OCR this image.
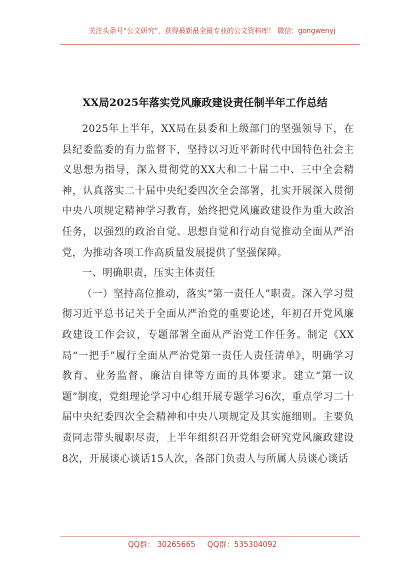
关注头条号“公文研究”，获得最新最全最专业的公文资料库！ 微信：gongwenyj
XX局2025年落实党风廉政建设责任制半年工作总结

2025年上半年，XX局在县委和上级部门的坚强领导下，在县纪委监委的有力监督下，坚持以习近平新时代中国特色社会主义思想为指导，深入贯彻党的XX大和二十届二中、三中全会精神，认真落实二十届中央纪委四次全会部署，扎实开展深入贯彻中央八项规定精神学习教育，始终把党风廉政建设作为重大政治任务，以强烈的政治自觉、思想自觉和行动自觉推动全面从严治党，为推动各项工作高质量发展提供了坚强保障。

一、明确职责，压实主体责任

（一）坚持高位推动，落实“第一责任人”职责。深入学习贯彻习近平总书记关于全面从严治党的重要论述，年初召开党风廉政建设工作会议，专题部署全面从严治党工作任务。制定《XX局“一把手”履行全面从严治党第一责任人责任清单》，明确学习教育、业务监督、廉洁自律等方面的具体要求。建立“第一议题”制度，党组理论学习中心组开展专题学习6次，重点学习二十届中央纪委四次全会精神和中央八项规定及其实施细则。主要负责同志带头履职尽责，上半年组织召开党组会研究党风廉政建设8次，开展谈心谈话15人次，各部门负责人与所属人员谈心谈话

QQ群： 30265665 QQ群：535304092
